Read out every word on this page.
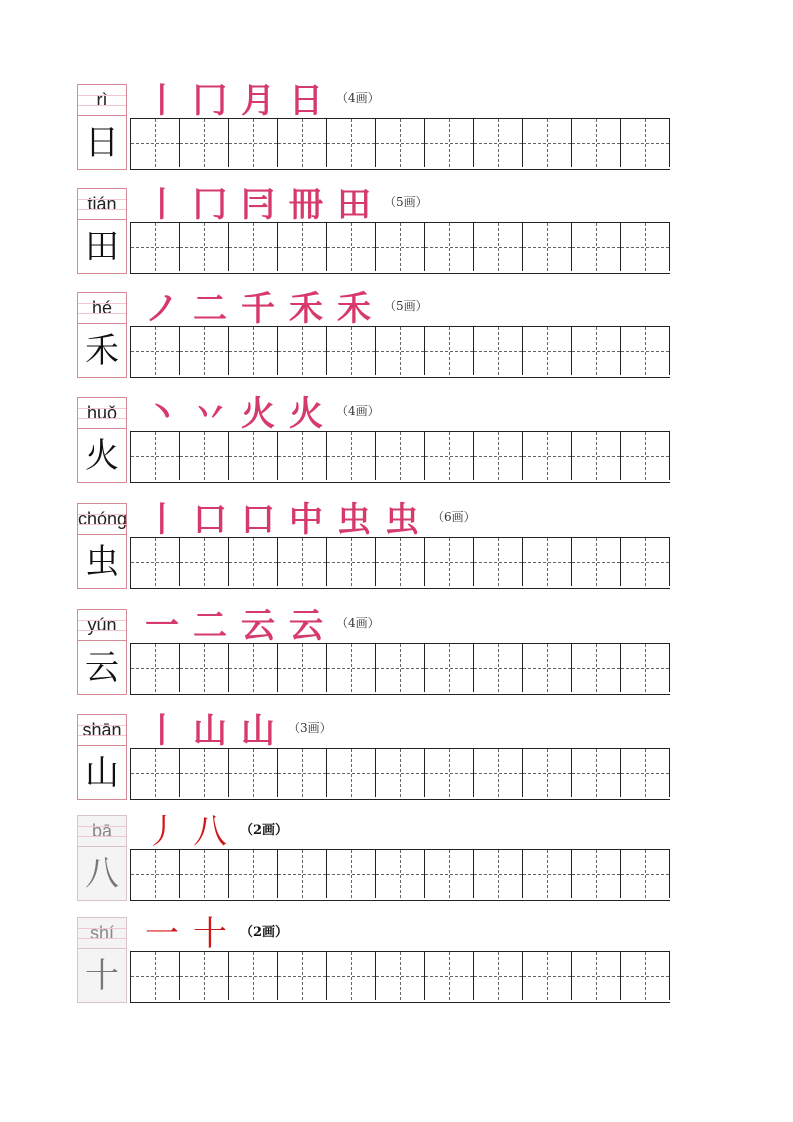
rì
日
丨 冂 月 日	（4画）
tián
田
丨 冂 冃 冊 田	（5画）
hé
禾
ノ 二 千 禾 禾	（5画）
huǒ
火
丶 丷 火 火	（4画）
chóng
虫
丨 口 口 中 虫 虫	（6画）
yún
云
一 二 云 云	（4画）
shān
山
丨 山 山	（3画）
bā
八
丿 八	（2画）
shí
十
一 十	（2画）
